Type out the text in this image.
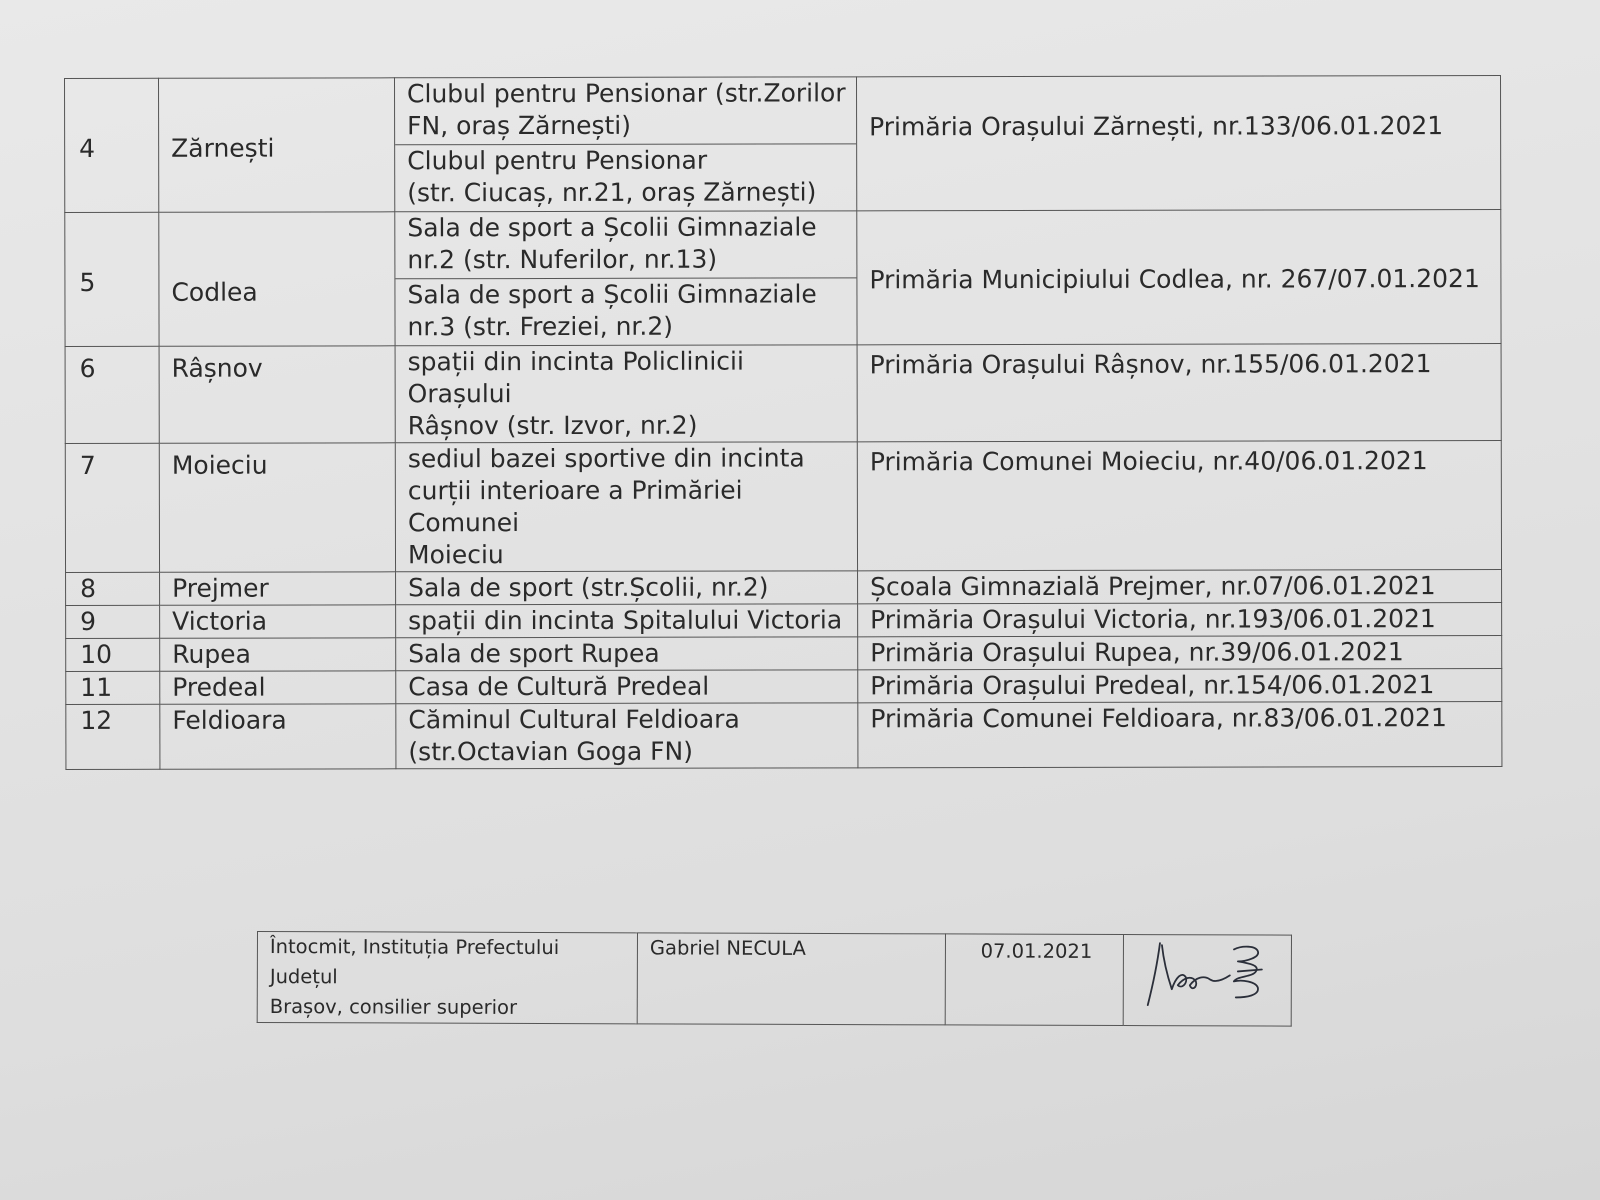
4	Zărnești	Clubul pentru Pensionar (str.Zorilor
FN, oraș Zărnești)
Clubul pentru Pensionar
(str. Ciucaș, nr.21, oraș Zărnești)	Primăria Orașului Zărnești, nr.133/06.01.2021
5	Codlea	Sala de sport a Școlii Gimnaziale
nr.2 (str. Nuferilor, nr.13)
Sala de sport a Școlii Gimnaziale
nr.3 (str. Freziei, nr.2)	Primăria Municipiului Codlea, nr. 267/07.01.2021
6	Râșnov	spații din incinta Policlinicii Orașului
Râșnov (str. Izvor, nr.2)	Primăria Orașului Râșnov, nr.155/06.01.2021
7	Moieciu	sediul bazei sportive din incinta
curții interioare a Primăriei Comunei
Moieciu	Primăria Comunei Moieciu, nr.40/06.01.2021
8	Prejmer	Sala de sport (str.Școlii, nr.2)	Școala Gimnazială Prejmer, nr.07/06.01.2021
9	Victoria	spații din incinta Spitalului Victoria	Primăria Orașului Victoria, nr.193/06.01.2021
10	Rupea	Sala de sport Rupea	Primăria Orașului Rupea, nr.39/06.01.2021
11	Predeal	Casa de Cultură Predeal	Primăria Orașului Predeal, nr.154/06.01.2021
12	Feldioara	Căminul Cultural Feldioara
(str.Octavian Goga FN)	Primăria Comunei Feldioara, nr.83/06.01.2021
Întocmit, Instituția Prefectului Județul
Brașov, consilier superior

Gabriel NECULA	07.01.2021
